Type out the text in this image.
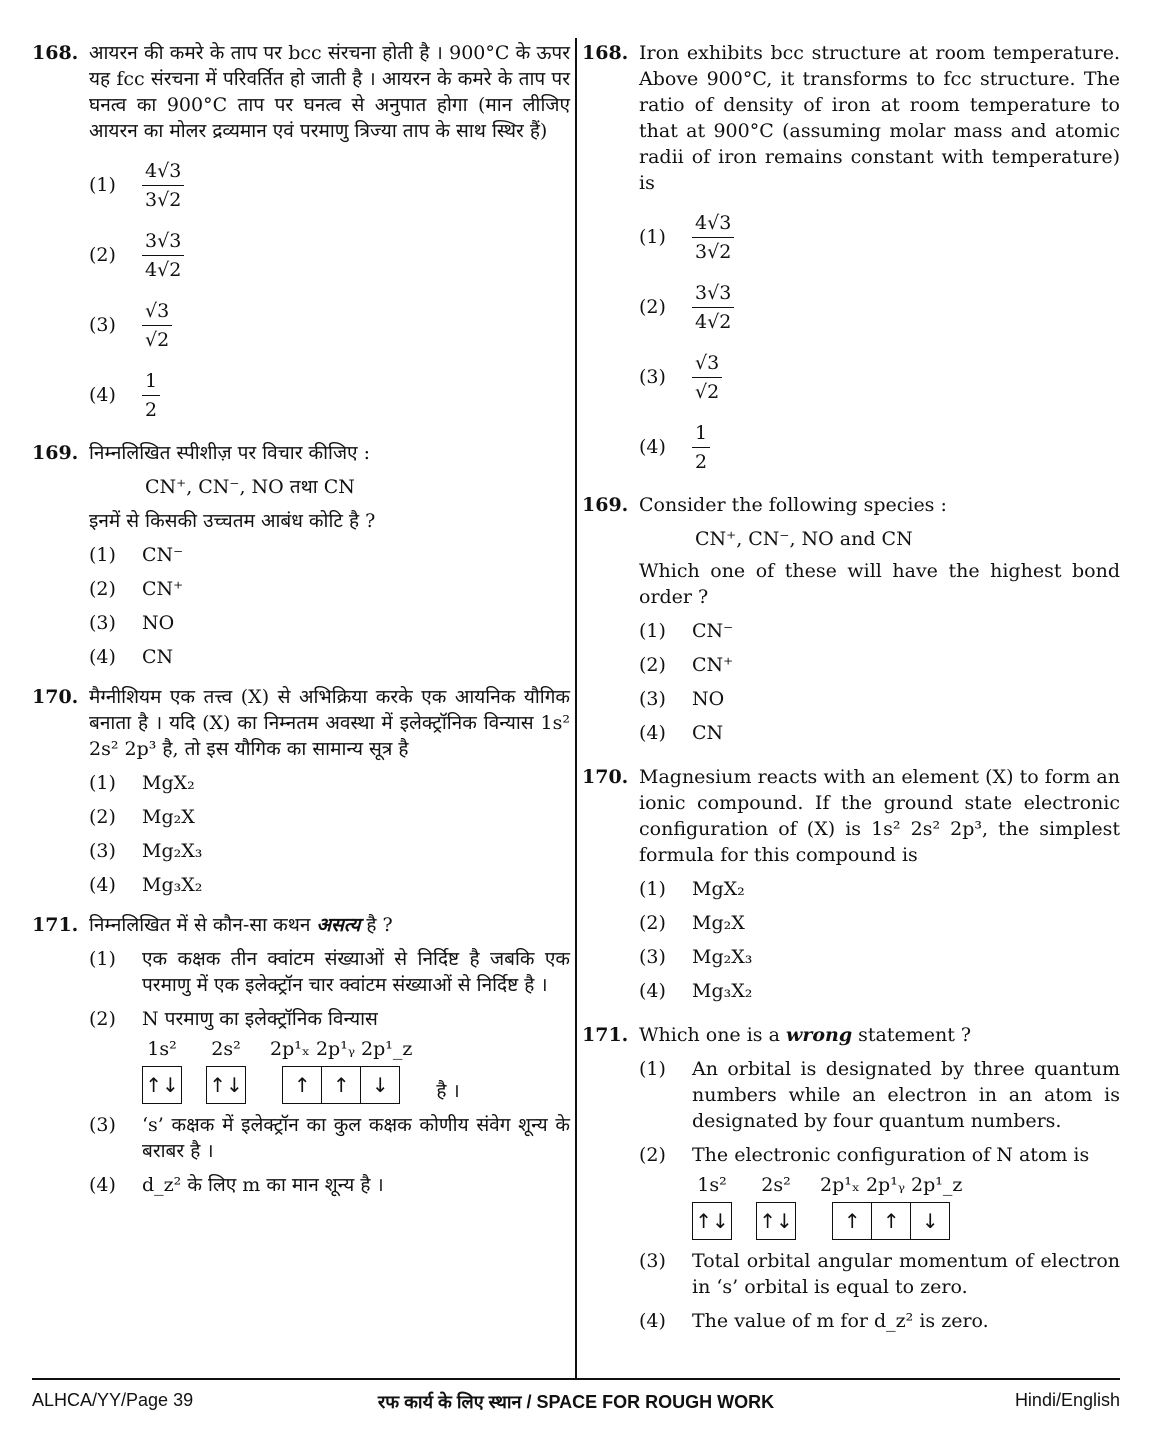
168. आयरन की कमरे के ताप पर bcc संरचना होती है । 900°C के ऊपर यह fcc संरचना में परिवर्तित हो जाती है । आयरन के कमरे के ताप पर घनत्व का 900°C ताप पर घनत्व से अनुपात होगा (मान लीजिए आयरन का मोलर द्रव्यमान एवं परमाणु त्रिज्या ताप के साथ स्थिर हैं)
(1)	$\frac{4√3}{3√2}$
(2)	$\frac{3√3}{4√2}$
(3)	$\frac{√3}{√2}$
(4)	$\frac{1}{2}$
169. निम्नलिखित स्पीशीज़ पर विचार कीजिए :
CN⁺, CN⁻, NO तथा CN
इनमें से किसकी उच्चतम आबंध कोटि है ?
(1) CN⁻
(2) CN⁺
(3) NO
(4) CN
170. मैग्नीशियम एक तत्त्व (X) से अभिक्रिया करके एक आयनिक यौगिक बनाता है । यदि (X) का निम्नतम अवस्था में इलेक्ट्रॉनिक विन्यास 1s² 2s² 2p³ है, तो इस यौगिक का सामान्य सूत्र है
(1) MgX₂
(2) Mg₂X
(3) Mg₂X₃
(4) Mg₃X₂
171. निम्नलिखित में से कौन-सा कथन असत्य है ?
(1) एक कक्षक तीन क्वांटम संख्याओं से निर्दिष्ट है जबकि एक परमाणु में एक इलेक्ट्रॉन चार क्वांटम संख्याओं से निर्दिष्ट है ।
(2) N परमाणु का इलेक्ट्रॉनिक विन्यास
1s²
↑↓
2s²
↑↓
2p¹ₓ 2p¹ᵧ 2p¹_z
↑	↑	↓	है ।
(3) ‘s’ कक्षक में इलेक्ट्रॉन का कुल कक्षक कोणीय संवेग शून्य के बराबर है ।
(4) d_z² के लिए m का मान शून्य है ।
168. Iron exhibits bcc structure at room temperature. Above 900°C, it transforms to fcc structure. The ratio of density of iron at room temperature to that at 900°C (assuming molar mass and atomic radii of iron remains constant with temperature) is
(1)	$\frac{4√3}{3√2}$
(2)	$\frac{3√3}{4√2}$
(3)	$\frac{√3}{√2}$
(4)	$\frac{1}{2}$
169. Consider the following species :
CN⁺, CN⁻, NO and CN
Which one of these will have the highest bond order ?
(1) CN⁻
(2) CN⁺
(3) NO
(4) CN
170. Magnesium reacts with an element (X) to form an ionic compound. If the ground state electronic configuration of (X) is 1s² 2s² 2p³, the simplest formula for this compound is
(1) MgX₂
(2) Mg₂X
(3) Mg₂X₃
(4) Mg₃X₂
171. Which one is a wrong statement ?
(1) An orbital is designated by three quantum numbers while an electron in an atom is designated by four quantum numbers.
(2) The electronic configuration of N atom is
1s²
↑↓
2s²
↑↓
2p¹ₓ 2p¹ᵧ 2p¹_z
↑	↑	↓
(3) Total orbital angular momentum of electron in ‘s’ orbital is equal to zero.
(4) The value of m for d_z² is zero.
ALHCA/YY/Page 39	रफ कार्य के लिए स्थान / SPACE FOR ROUGH WORK	Hindi/English
